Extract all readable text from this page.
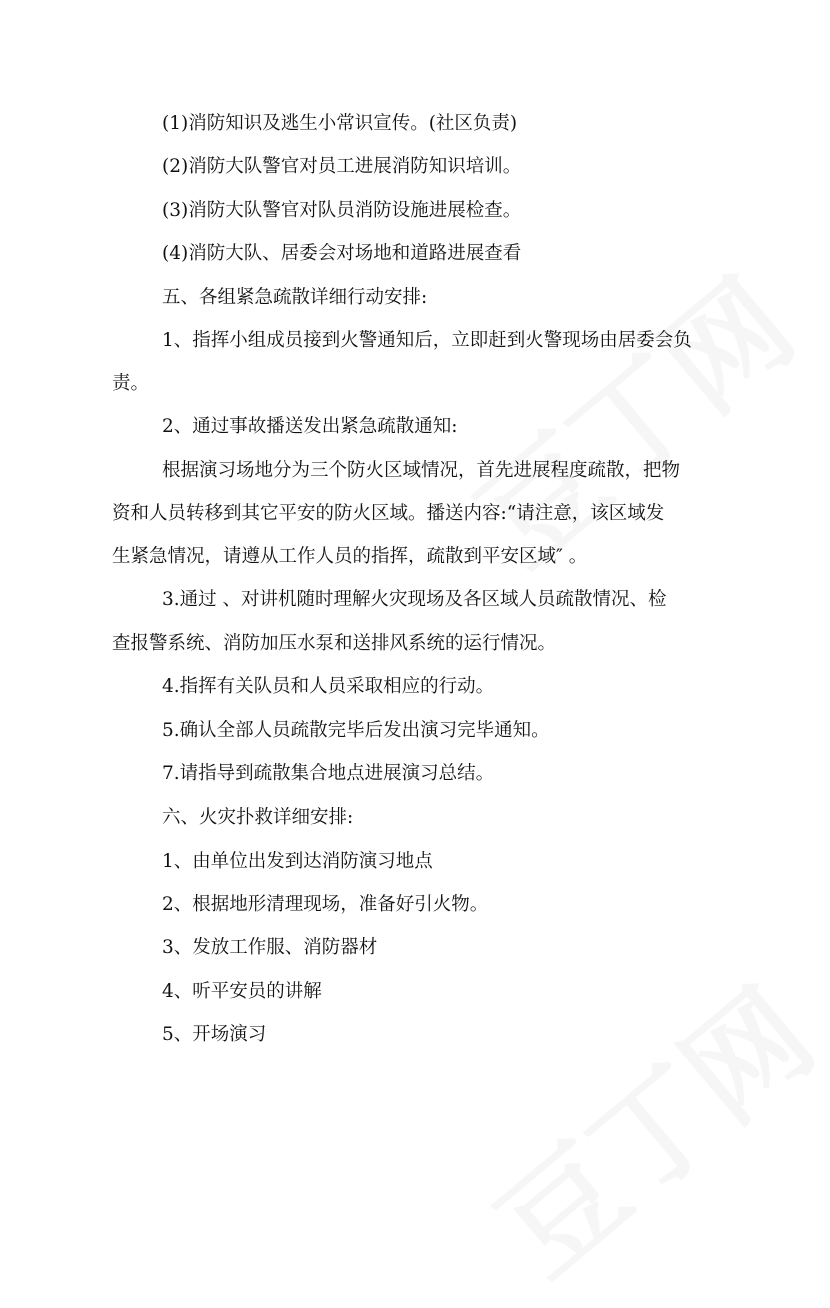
(1)消防知识及逃生小常识宣传。(社区负责)
(2)消防大队警官对员工进展消防知识培训。
(3)消防大队警官对队员消防设施进展检查。
(4)消防大队、居委会对场地和道路进展查看
五、各组紧急疏散详细行动安排:
1、指挥小组成员接到火警通知后，立即赶到火警现场由居委会负
责。
2、通过事故播送发出紧急疏散通知:
根据演习场地分为三个防火区域情况，首先进展程度疏散，把物
资和人员转移到其它平安的防火区域。播送内容:“请注意，该区域发
生紧急情况，请遵从工作人员的指挥，疏散到平安区域″ 。
3.通过 、对讲机随时理解火灾现场及各区域人员疏散情况、检
查报警系统、消防加压水泵和送排风系统的运行情况。
4.指挥有关队员和人员采取相应的行动。
5.确认全部人员疏散完毕后发出演习完毕通知。
7.请指导到疏散集合地点进展演习总结。
六、火灾扑救详细安排:
1、由单位出发到达消防演习地点
2、根据地形清理现场，准备好引火物。
3、发放工作服、消防器材
4、听平安员的讲解
5、开场演习
